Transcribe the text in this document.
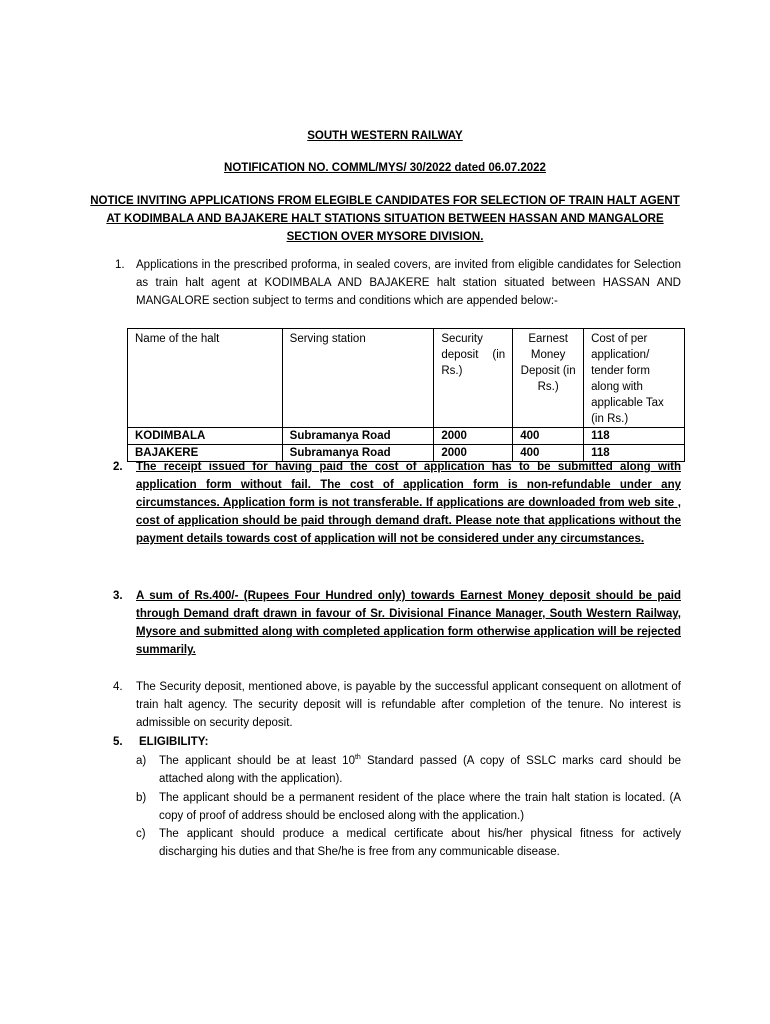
SOUTH WESTERN RAILWAY
NOTIFICATION NO. COMML/MYS/ 30/2022 dated 06.07.2022
NOTICE INVITING APPLICATIONS FROM ELEGIBLE CANDIDATES FOR SELECTION OF TRAIN HALT AGENT AT KODIMBALA AND BAJAKERE HALT STATIONS SITUATION BETWEEN HASSAN AND MANGALORE SECTION OVER MYSORE DIVISION.
1. Applications in the prescribed proforma, in sealed covers, are invited from eligible candidates for Selection as train halt agent at KODIMBALA AND BAJAKERE halt station situated between HASSAN AND MANGALORE section subject to terms and conditions which are appended below:-
Name of the halt	Serving station	Security deposit (in Rs.)	Earnest Money Deposit (in Rs.)	Cost of per application/ tender form along with applicable Tax (in Rs.)
KODIMBALA	Subramanya Road	2000	400	118
BAJAKERE	Subramanya Road	2000	400	118
2. The receipt issued for having paid the cost of application has to be submitted along with application form without fail. The cost of application form is non-refundable under any circumstances. Application form is not transferable. If applications are downloaded from web site , cost of application should be paid through demand draft. Please note that applications without the payment details towards cost of application will not be considered under any circumstances.
3. A sum of Rs.400/- (Rupees Four Hundred only) towards Earnest Money deposit should be paid through Demand draft drawn in favour of Sr. Divisional Finance Manager, South Western Railway, Mysore and submitted along with completed application form otherwise application will be rejected summarily.
4. The Security deposit, mentioned above, is payable by the successful applicant consequent on allotment of train halt agency. The security deposit will is refundable after completion of the tenure. No interest is admissible on security deposit.
5. ELIGIBILITY:
a) The applicant should be at least 10th Standard passed (A copy of SSLC marks card should be attached along with the application).
b) The applicant should be a permanent resident of the place where the train halt station is located. (A copy of proof of address should be enclosed along with the application.)
c) The applicant should produce a medical certificate about his/her physical fitness for actively discharging his duties and that She/he is free from any communicable disease.
